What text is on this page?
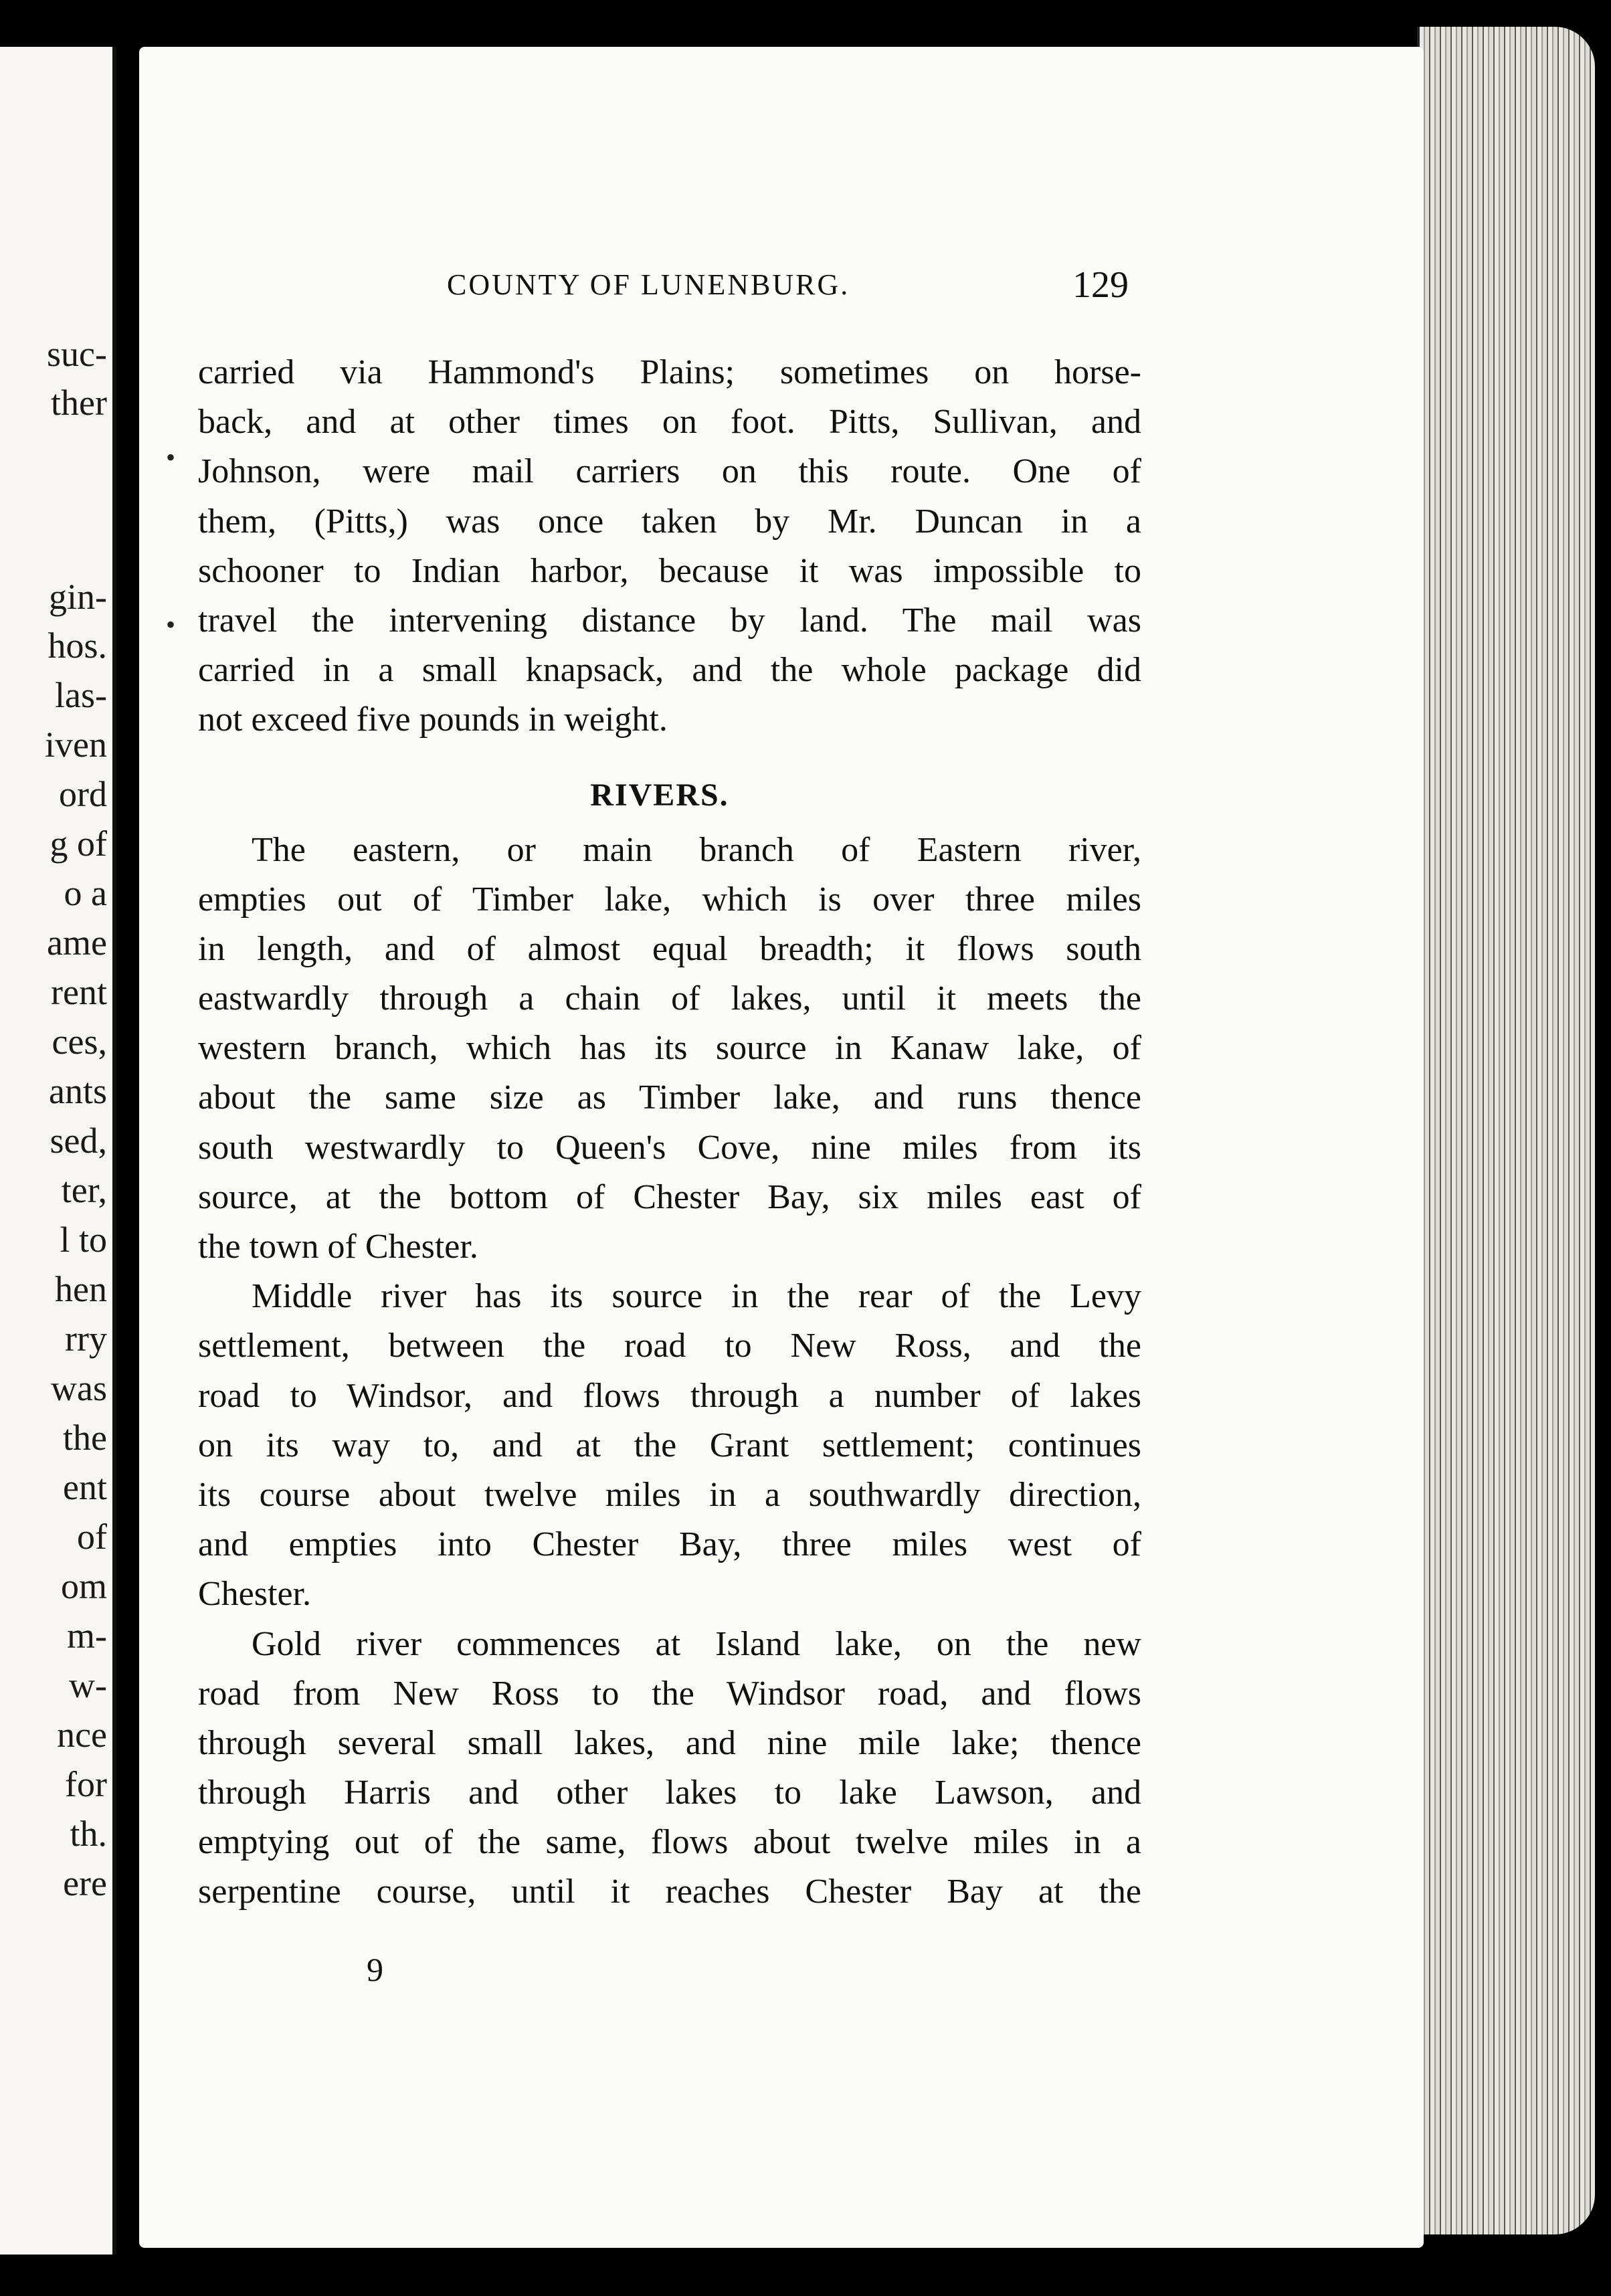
suc-
ther
gin-
hos.
las-
iven
ord
g of
o a
ame
rent
ces,
ants
sed,
ter,
l to
hen
rry
was
the
ent
of
om
m-
w-
nce
for
th.
ere
COUNTY OF LUNENBURG.	129
•
•
carried via Hammond's Plains; sometimes on horse-
back, and at other times on foot. Pitts, Sullivan, and
Johnson, were mail carriers on this route. One of
them, (Pitts,) was once taken by Mr. Duncan in a
schooner to Indian harbor, because it was impossible to
travel the intervening distance by land. The mail was
carried in a small knapsack, and the whole package did
not exceed five pounds in weight.
RIVERS.
The eastern, or main branch of Eastern river,
empties out of Timber lake, which is over three miles
in length, and of almost equal breadth; it flows south
eastwardly through a chain of lakes, until it meets the
western branch, which has its source in Kanaw lake, of
about the same size as Timber lake, and runs thence
south westwardly to Queen's Cove, nine miles from its
source, at the bottom of Chester Bay, six miles east of
the town of Chester.
Middle river has its source in the rear of the Levy
settlement, between the road to New Ross, and the
road to Windsor, and flows through a number of lakes
on its way to, and at the Grant settlement; continues
its course about twelve miles in a southwardly direction,
and empties into Chester Bay, three miles west of
Chester.
Gold river commences at Island lake, on the new
road from New Ross to the Windsor road, and flows
through several small lakes, and nine mile lake; thence
through Harris and other lakes to lake Lawson, and
emptying out of the same, flows about twelve miles in a
serpentine course, until it reaches Chester Bay at the
9
